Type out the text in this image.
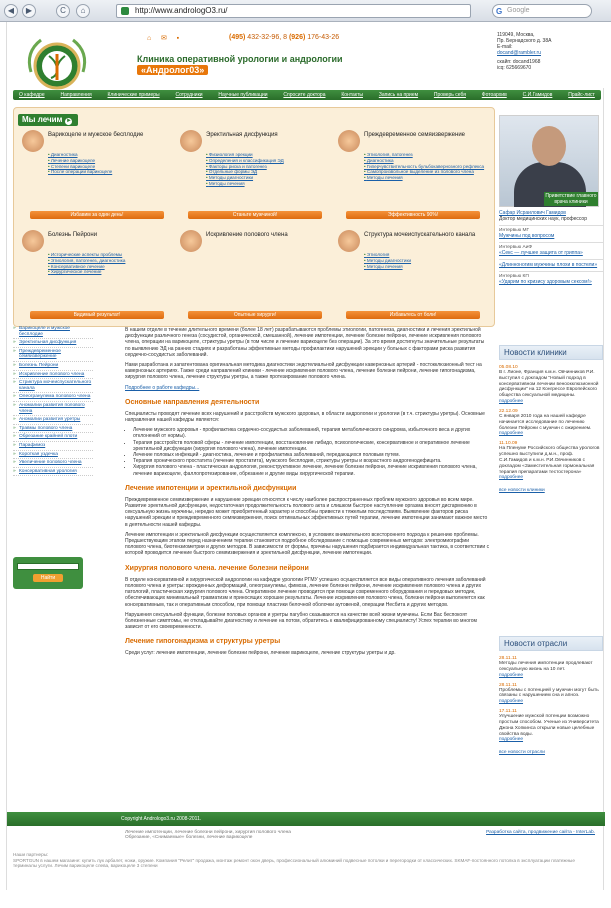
◀	▶	C	⌂	http://www.andrologO3.ru/	G Google
⌂ ✉ ▪	(495) 432-32-96, 8 (926) 176-43-26
Клиника оперативной урологии и андрологии
«Андролог03»
119049, Москва,
Пр. Бернадского д. 38А
E-mail:
docand@rambler.ru
скайп: docand1968
icq: 625669670
О кафедре	Направления	Клинические примеры	Сотрудники	Научные публикации	Спросите доктора	Контакты	Запись на прием	Проверь себя	Фотоархив	С.И.Гамидов	Прайс-лист
Мы лечим ►
Варикоцеле и мужское бесплодие
• Диагностика
• Лечение варикоцеле
• Степени варикоцеле
• После операции варикоцеле
Избавим за один день!
Эректильная дисфункция
• Физиология эрекции
• Определения и классификация ЭД
• Факторы риска и патогенез
• Отдельные формы ЭД
• Методы диагностики
• Методы лечения
Станьте мужчиной!
Преждевременное семяизвержение
• Этиология, патогенез
• Диагностика
• Гиперчувствительность бульбокавернозного рефлекса
• Самопроизвольное выделение из полового члена
• Методы лечения
Эффективность 90%!
Болезнь Пейрони
• Исторические аспекты проблемы
• Этиология, патогенез, диагностика
• Консервативное лечение
• Хирургическое лечение
Видимый результат!
Искривление полового члена
Опытные хирурги!
Структура мочеиспускательного канала
• Этиология
• Методы диагностики
• Методы лечения
Избавьтесь от боли!
Приветствие главного врача клиники

Сафар Исраилович Гамидов

Доктор медицинских наук, профессор

Интервью МГ

Мужчины под вопросом

Интервью АиФ

«Секс — лучшее защита от гриппа»

«Длинноногим мужчины плохи в постели»

Интервью КП

«Ударим по кризису здоровым сексом!»

Новости клиники
05.08.10
В г. Лионе, Франция к.м.н. Овчинников Р.И. выступил с докладом "Новый подход в консервативном лечении веноокклюзионной дисфункции" на 12 Конгрессе Европейского общества сексуальной медицины.
подробнее
22.12.09
С января 2010 года на нашей кафедре начинается исследование по лечению болезни Пейрони с мужчин с ожирением.
подробнее
11.10.09
На Пленуме Российского общества урологов успешно выступили д.м.н., проф. С.И.Гамидов и к.м.н. Р.И.Овчинников с докладом «Заместительная гормональная терапия препаратами тестостерона»
подробнее
все новости клиники
Новости отрасли
28.11.11
Методы лечения импотенции продлевают сексуальную жизнь на 10 лет.
подробнее
28.11.11
Проблемы с потенцией у мужчин могут быть связаны с нарушением сна и апноэ.
подробнее
17.11.11
Улучшение мужской потенции возможно простым способом. Ученые из Университета Джона Хопкинса открыли новые целебные свойства воды.
подробнее
все новости отрасли
» Варикоцеле и мужское бесплодие
» Эректильная дисфункция
» Преждевременное семяизвержение
» Болезнь Пейрони
» Искривление полового члена
» Стриктура мочеиспускательного канала
» Олеогранулема полового члена
» Аномалии развития полового члена
» Аномалии развития уретры
» Травмы полового члена
» Обрезание крайней плоти
» Парафимоз
» Короткая уздечка
» Увеличение полового члена
» Консервативная урология
Найти

В нашем отделе в течение длительного времени (более 18 лет) разрабатываются проблемы этиологии, патогенеза, диагностики и лечения эректильной дисфункции различного генеза (сосудистой, органической, смешанной), лечение импотенции, лечение болезни пейрони, лечение искривления полового члена, операции на варикоцеле, стриктуры уретры (в том числе и лечение варикоцеле без операции). За это время достигнуты значительные результаты по выявлению ЭД на ранних стадиях и разработаны эффективные методы профилактики нарушений эрекции у больных с факторами риска развития сердечно-сосудистых заболеваний.

Нами разработана и запатентована оригинальная методика диагностики эндотелиальной дисфункции кавернозных артерий - постокклюзионный тест на кавернозных артериях. Также среди направлений клиники - лечение искривления полового члена, лечение болезни пейрони, лечение гипогонадизма, хирургия полового члена, лечение структуры уретры, а также протезирование полового члена.

Подробнее о работе кафедры...

Основные направления деятельности

Специалисты проводят лечение всех нарушений и расстройств мужского здоровья, в области андрологии и урологии (в т.ч. стриктуры уретры). Основные направления нашей кафедры являются:

• Лечение мужского здоровья - профилактика сердечно-сосудистых заболеваний, терапия метаболического синдрома, избыточного веса и других отклонений от нормы).
• Терапия расстройств половой сферы - лечение импотенции, восстановление либидо, психологические, консервативное и оперативное лечение эректильной дисфункции (хирургия полового члена), лечение импотенции.
• Лечение половых инфекций - диагностика, лечение и профилактика заболеваний, передающихся половым путем.
• Терапия хронического простатита (лечение простатита), мужского бесплодия, стриктуры уретры и возрастного андрогенодефицита.
• Хирургия полового члена - пластическая андрология, реконструктивное лечение, лечение болезни пейрони, лечение искривления полового члена, лечение варикоцеле, фаллопротезирование, обрезание и другие виды хирургической терапии.
Лечение импотенции и эректильной дисфункции

Преждевременное семяизвержение и нарушение эрекции относятся к числу наиболее распространенных проблем мужского здоровья во всем мире. Развитие эректильной дисфункции, недостаточная продолжительность полового акта и слишком быстрое наступление оргазма вносят дисгармонию в сексуальную жизнь мужчины, нередко может приобретенный характер и способны привести к тяжелым последствиям. Выявление факторов риска нарушений эрекции и преждевременного семяизвержения, поиск оптимальных эффективных путей терапии, лечение импотенции занимают важное место в деятельности нашей кафедры.

Лечение импотенции и эректильной дисфункции осуществляется комплексно, в условиях внимательного всестороннего подхода к решению проблемы. Предшествующим этапом перед назначением терапии становится подробное обследование с помощью современных методов: электромиографии полового члена, биотензиометрии и других методов. В зависимости от формы, причины нарушения подбирается индивидуальная тактика, в соответствии с которой проводится лечение быстрого семяизвержения и эректильной дисфункции, лечение импотенции.

Хирургия полового члена. лечение болезни пейрони

В отделе консервативной и хирургической андрологии на кафедре урологии РГМУ успешно осуществляется все виды оперативного лечения заболеваний полового члена и уретры: врожденных деформаций, олеогранулемы, фимоза, лечение болезни пейрони, лечение искривления полового члена и других патологий, пластическая хирургия полового члена. Оперативное лечение проводится при помощи современного оборудования и передовых методик, обеспечивающих минимальный травматизм и приносящих хорошие результаты. Лечение искривления полового члена, болезни пейрони выполняется как консервативным, так и оперативным способом, при помощи пластики белочной оболочки аутовеной, операции Несбита и других методов.

Нарушения сексуальной функции, болезни половых органов и уретры пагубно сказываются на качестве всей жизни мужчины. Если Вас беспокоят болезненные симптомы, не откладывайте диагностику и лечение на потом, обратитесь к квалифицированному специалисту! Успех терапии во многом зависит от его своевременности.

Лечение гипогонадизма и структуры уретры

Среди услуг: лечение импотенции, лечение болезни пейрони, лечение варикоцеле, лечение структуры уретры и др.

Copyright Andrologo3.ru 2008-2011.
Лечение импотенции, лечение болезни пейрони, хирургия полового члена
Обрезание, «Снимаемые» болезни, лечение варикоцеле
Разработка сайта, продвижение сайта - InterLab.
Наши партнеры:
SPORTGUN в нашем магазине: купить лук арбалет, ножи, оружие. Компания "Релит" продажа, монтаж ремонт окон дверь, профессиональный алюминий подвесные потолки и перегородки от классических. SKMAF-постоянного потолка в эксплуатации платежные терминалы услуги. Лечим варикоцеле слева, варикоцеле 3 степени
